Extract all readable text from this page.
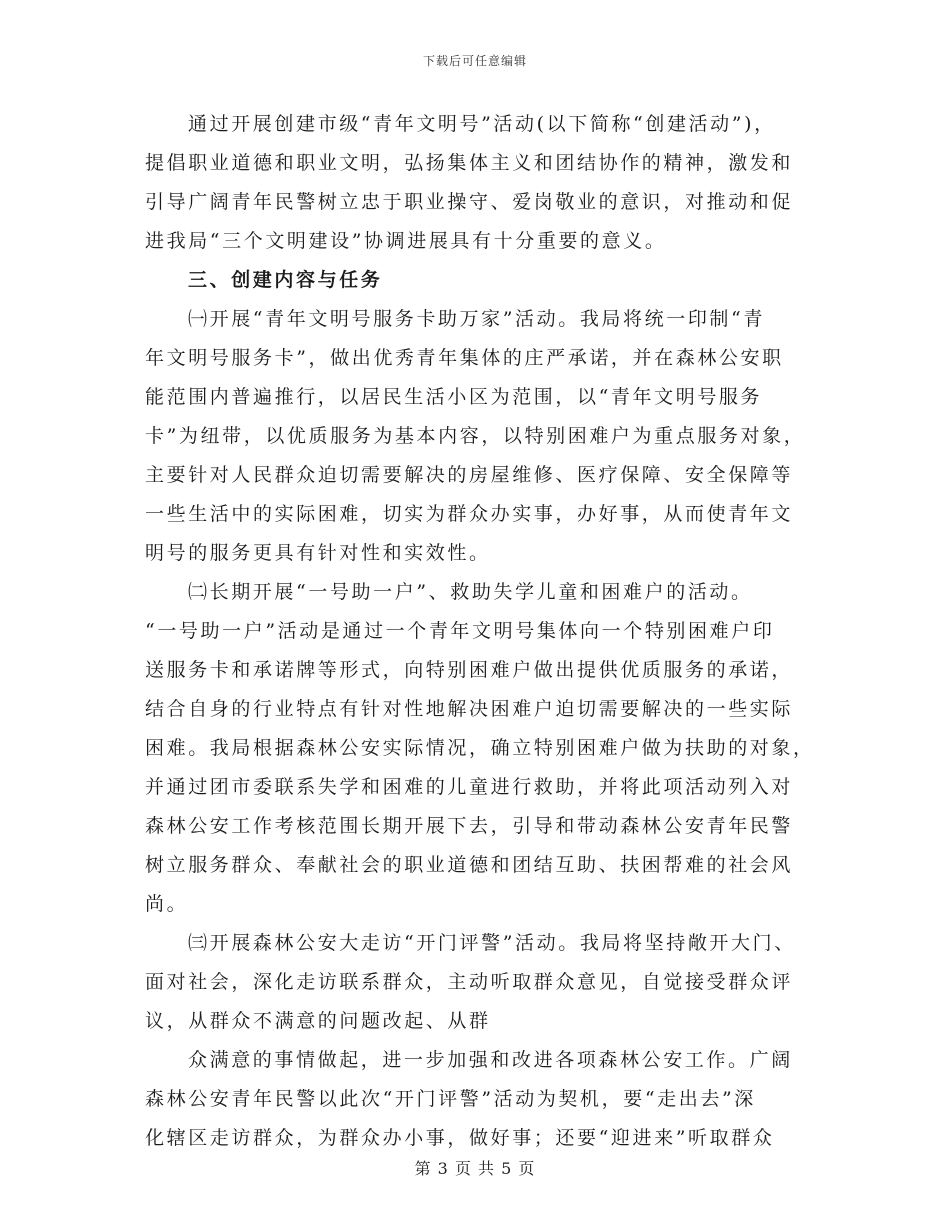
下载后可任意编辑
通过开展创建市级“青年文明号”活动(以下简称“创建活动”)，
提倡职业道德和职业文明，弘扬集体主义和团结协作的精神，激发和
引导广阔青年民警树立忠于职业操守、爱岗敬业的意识，对推动和促
进我局“三个文明建设”协调进展具有十分重要的意义。
三、创建内容与任务
㈠开展“青年文明号服务卡助万家”活动。我局将统一印制“青
年文明号服务卡”，做出优秀青年集体的庄严承诺，并在森林公安职
能范围内普遍推行，以居民生活小区为范围，以“青年文明号服务
卡”为纽带，以优质服务为基本内容，以特别困难户为重点服务对象，
主要针对人民群众迫切需要解决的房屋维修、医疗保障、安全保障等
一些生活中的实际困难，切实为群众办实事，办好事，从而使青年文
明号的服务更具有针对性和实效性。
㈡长期开展“一号助一户”、救助失学儿童和困难户的活动。
“一号助一户”活动是通过一个青年文明号集体向一个特别困难户印
送服务卡和承诺牌等形式，向特别困难户做出提供优质服务的承诺，
结合自身的行业特点有针对性地解决困难户迫切需要解决的一些实际
困难。我局根据森林公安实际情况，确立特别困难户做为扶助的对象，
并通过团市委联系失学和困难的儿童进行救助，并将此项活动列入对
森林公安工作考核范围长期开展下去，引导和带动森林公安青年民警
树立服务群众、奉献社会的职业道德和团结互助、扶困帮难的社会风
尚。
㈢开展森林公安大走访“开门评警”活动。我局将坚持敞开大门、
面对社会，深化走访联系群众，主动听取群众意见，自觉接受群众评
议，从群众不满意的问题改起、从群
众满意的事情做起，进一步加强和改进各项森林公安工作。广阔
森林公安青年民警以此次“开门评警”活动为契机，要“走出去”深
化辖区走访群众，为群众办小事，做好事；还要“迎进来”听取群众
第 3 页 共 5 页
